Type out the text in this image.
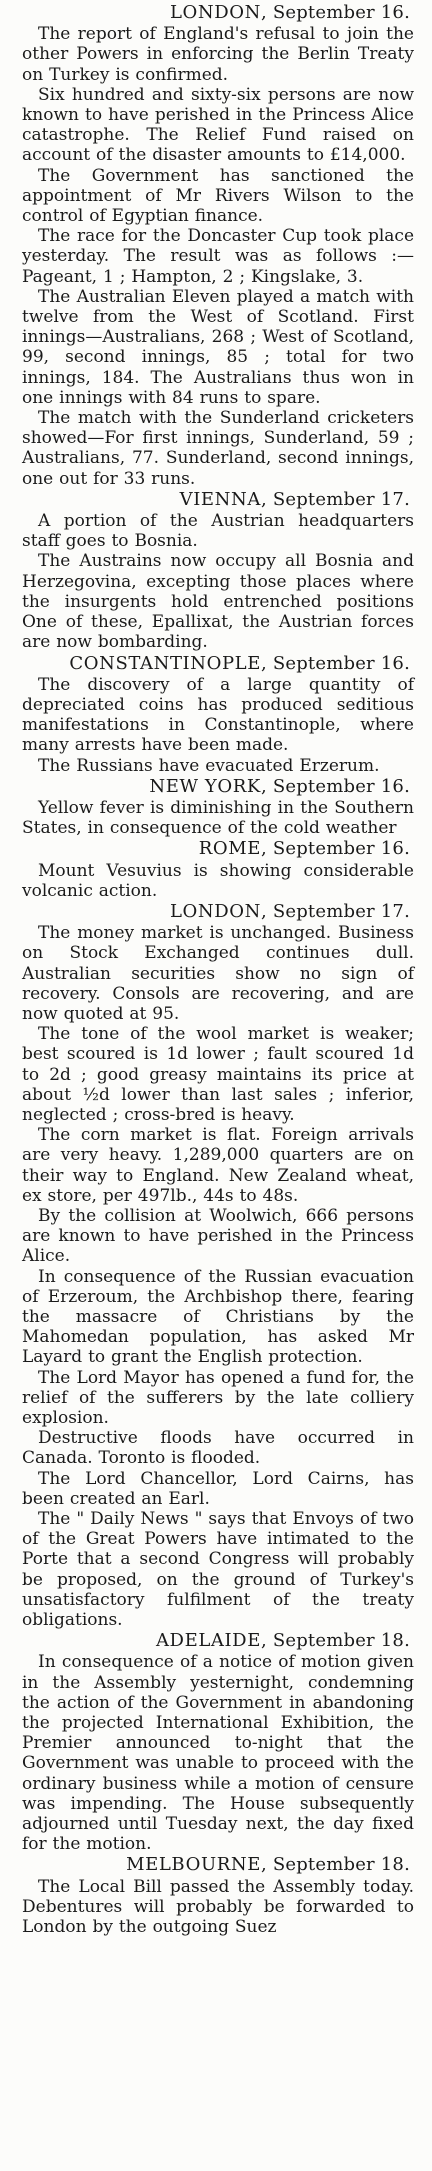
LONDON, September 16.

The report of England's refusal to join the other Powers in enforcing the Berlin Treaty on Turkey is confirmed.

Six hundred and sixty-six persons are now known to have perished in the Princess Alice catastrophe. The Relief Fund raised on account of the disaster amounts to £14,000.

The Government has sanctioned the appointment of Mr Rivers Wilson to the control of Egyptian finance.

The race for the Doncaster Cup took place yesterday. The result was as follows :— Pageant, 1 ; Hampton, 2 ; Kingslake, 3.

The Australian Eleven played a match with twelve from the West of Scotland. First innings—Australians, 268 ; West of Scotland, 99, second innings, 85 ; total for two innings, 184. The Australians thus won in one innings with 84 runs to spare.

The match with the Sunderland cricketers showed—For first innings, Sunderland, 59 ; Australians, 77. Sunderland, second innings, one out for 33 runs.

VIENNA, September 17.

A portion of the Austrian headquarters staff goes to Bosnia.

The Austrains now occupy all Bosnia and Herzegovina, excepting those places where the insurgents hold entrenched positions One of these, Epallixat, the Austrian forces are now bombarding.

CONSTANTINOPLE, September 16.

The discovery of a large quantity of depreciated coins has produced seditious manifestations in Constantinople, where many arrests have been made.

The Russians have evacuated Erzerum.

NEW YORK, September 16.

Yellow fever is diminishing in the Southern States, in consequence of the cold weather

ROME, September 16.

Mount Vesuvius is showing considerable volcanic action.

LONDON, September 17.

The money market is unchanged. Business on Stock Exchanged continues dull. Australian securities show no sign of recovery. Consols are recovering, and are now quoted at 95.

The tone of the wool market is weaker; best scoured is 1d lower ; fault scoured 1d to 2d ; good greasy maintains its price at about ½d lower than last sales ; inferior, neglected ; cross-bred is heavy.

The corn market is flat. Foreign arrivals are very heavy. 1,289,000 quarters are on their way to England. New Zealand wheat, ex store, per 497lb., 44s to 48s.

By the collision at Woolwich, 666 persons are known to have perished in the Princess Alice.

In consequence of the Russian evacuation of Erzeroum, the Archbishop there, fearing the massacre of Christians by the Mahomedan population, has asked Mr Layard to grant the English protection.

The Lord Mayor has opened a fund for, the relief of the sufferers by the late colliery explosion.

Destructive floods have occurred in Canada. Toronto is flooded.

The Lord Chancellor, Lord Cairns, has been created an Earl.

The " Daily News " says that Envoys of two of the Great Powers have intimated to the Porte that a second Congress will probably be proposed, on the ground of Turkey's unsatisfactory fulfilment of the treaty obligations.

ADELAIDE, September 18.

In consequence of a notice of motion given in the Assembly yesternight, condemning the action of the Government in abandoning the projected International Exhibition, the Premier announced to-night that the Government was unable to proceed with the ordinary business while a motion of censure was impending. The House subsequently adjourned until Tuesday next, the day fixed for the motion.

MELBOURNE, September 18.

The Local Bill passed the Assembly today. Debentures will probably be forwarded to London by the outgoing Suez
